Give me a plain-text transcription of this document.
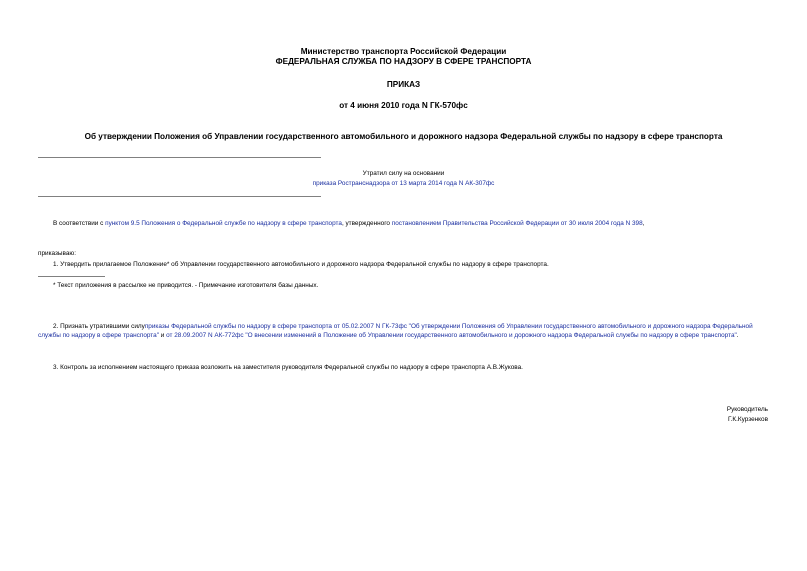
Министерство транспорта Российской Федерации
ФЕДЕРАЛЬНАЯ СЛУЖБА ПО НАДЗОРУ В СФЕРЕ ТРАНСПОРТА
ПРИКАЗ
от 4 июня 2010 года N ГК-570фс
Об утверждении Положения об Управлении государственного автомобильного и дорожного надзора Федеральной службы по надзору в сфере транспорта
Утратил силу на основании
приказа Ространснадзора от 13 марта 2014 года N АК-307фс
В соответствии с пунктом 9.5 Положения о Федеральной службе по надзору в сфере транспорта, утвержденного постановлением Правительства Российской Федерации от 30 июля 2004 года N 398,
приказываю:
1. Утвердить прилагаемое Положение* об Управлении государственного автомобильного и дорожного надзора Федеральной службы по надзору в сфере транспорта.
* Текст приложения в рассылке не приводится. - Примечание изготовителя базы данных.
2. Признать утратившими силуприказы Федеральной службы по надзору в сфере транспорта от 05.02.2007 N ГК-73фс "Об утверждении Положения об Управлении государственного автомобильного и дорожного надзора Федеральной службы по надзору в сфере транспорта" и от 28.09.2007 N АК-772фс "О внесении изменений в Положение об Управлении государственного автомобильного и дорожного надзора Федеральной службы по надзору в сфере транспорта".
3. Контроль за исполнением настоящего приказа возложить на заместителя руководителя Федеральной службы по надзору в сфере транспорта А.В.Жукова.
Руководитель
Г.К.Курзенков
